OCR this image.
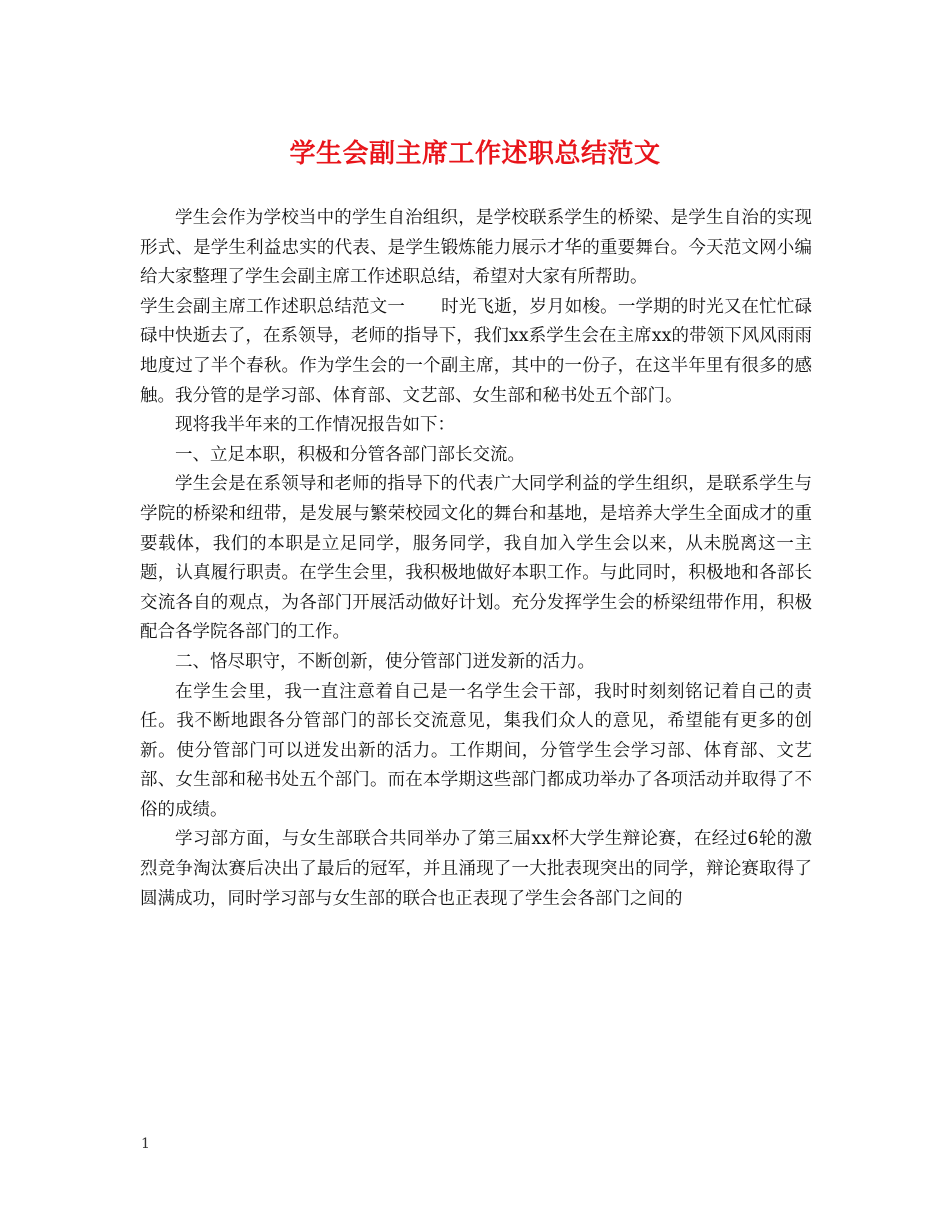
学生会副主席工作述职总结范文

学生会作为学校当中的学生自治组织，是学校联系学生的桥梁、是学生自治的实现形式、是学生利益忠实的代表、是学生锻炼能力展示才华的重要舞台。今天范文网小编给大家整理了学生会副主席工作述职总结，希望对大家有所帮助。

学生会副主席工作述职总结范文一 时光飞逝，岁月如梭。一学期的时光又在忙忙碌碌中快逝去了，在系领导，老师的指导下，我们xx系学生会在主席xx的带领下风风雨雨地度过了半个春秋。作为学生会的一个副主席，其中的一份子，在这半年里有很多的感触。我分管的是学习部、体育部、文艺部、女生部和秘书处五个部门。

现将我半年来的工作情况报告如下：

一、立足本职，积极和分管各部门部长交流。

学生会是在系领导和老师的指导下的代表广大同学利益的学生组织，是联系学生与学院的桥梁和纽带，是发展与繁荣校园文化的舞台和基地，是培养大学生全面成才的重要载体，我们的本职是立足同学，服务同学，我自加入学生会以来，从未脱离这一主题，认真履行职责。在学生会里，我积极地做好本职工作。与此同时，积极地和各部长交流各自的观点，为各部门开展活动做好计划。充分发挥学生会的桥梁纽带作用，积极配合各学院各部门的工作。

二、恪尽职守，不断创新，使分管部门迸发新的活力。

在学生会里，我一直注意着自己是一名学生会干部，我时时刻刻铭记着自己的责任。我不断地跟各分管部门的部长交流意见，集我们众人的意见，希望能有更多的创新。使分管部门可以迸发出新的活力。工作期间，分管学生会学习部、体育部、文艺部、女生部和秘书处五个部门。而在本学期这些部门都成功举办了各项活动并取得了不俗的成绩。

学习部方面，与女生部联合共同举办了第三届xx杯大学生辩论赛，在经过6轮的激烈竞争淘汰赛后决出了最后的冠军，并且涌现了一大批表现突出的同学，辩论赛取得了圆满成功，同时学习部与女生部的联合也正表现了学生会各部门之间的

1
